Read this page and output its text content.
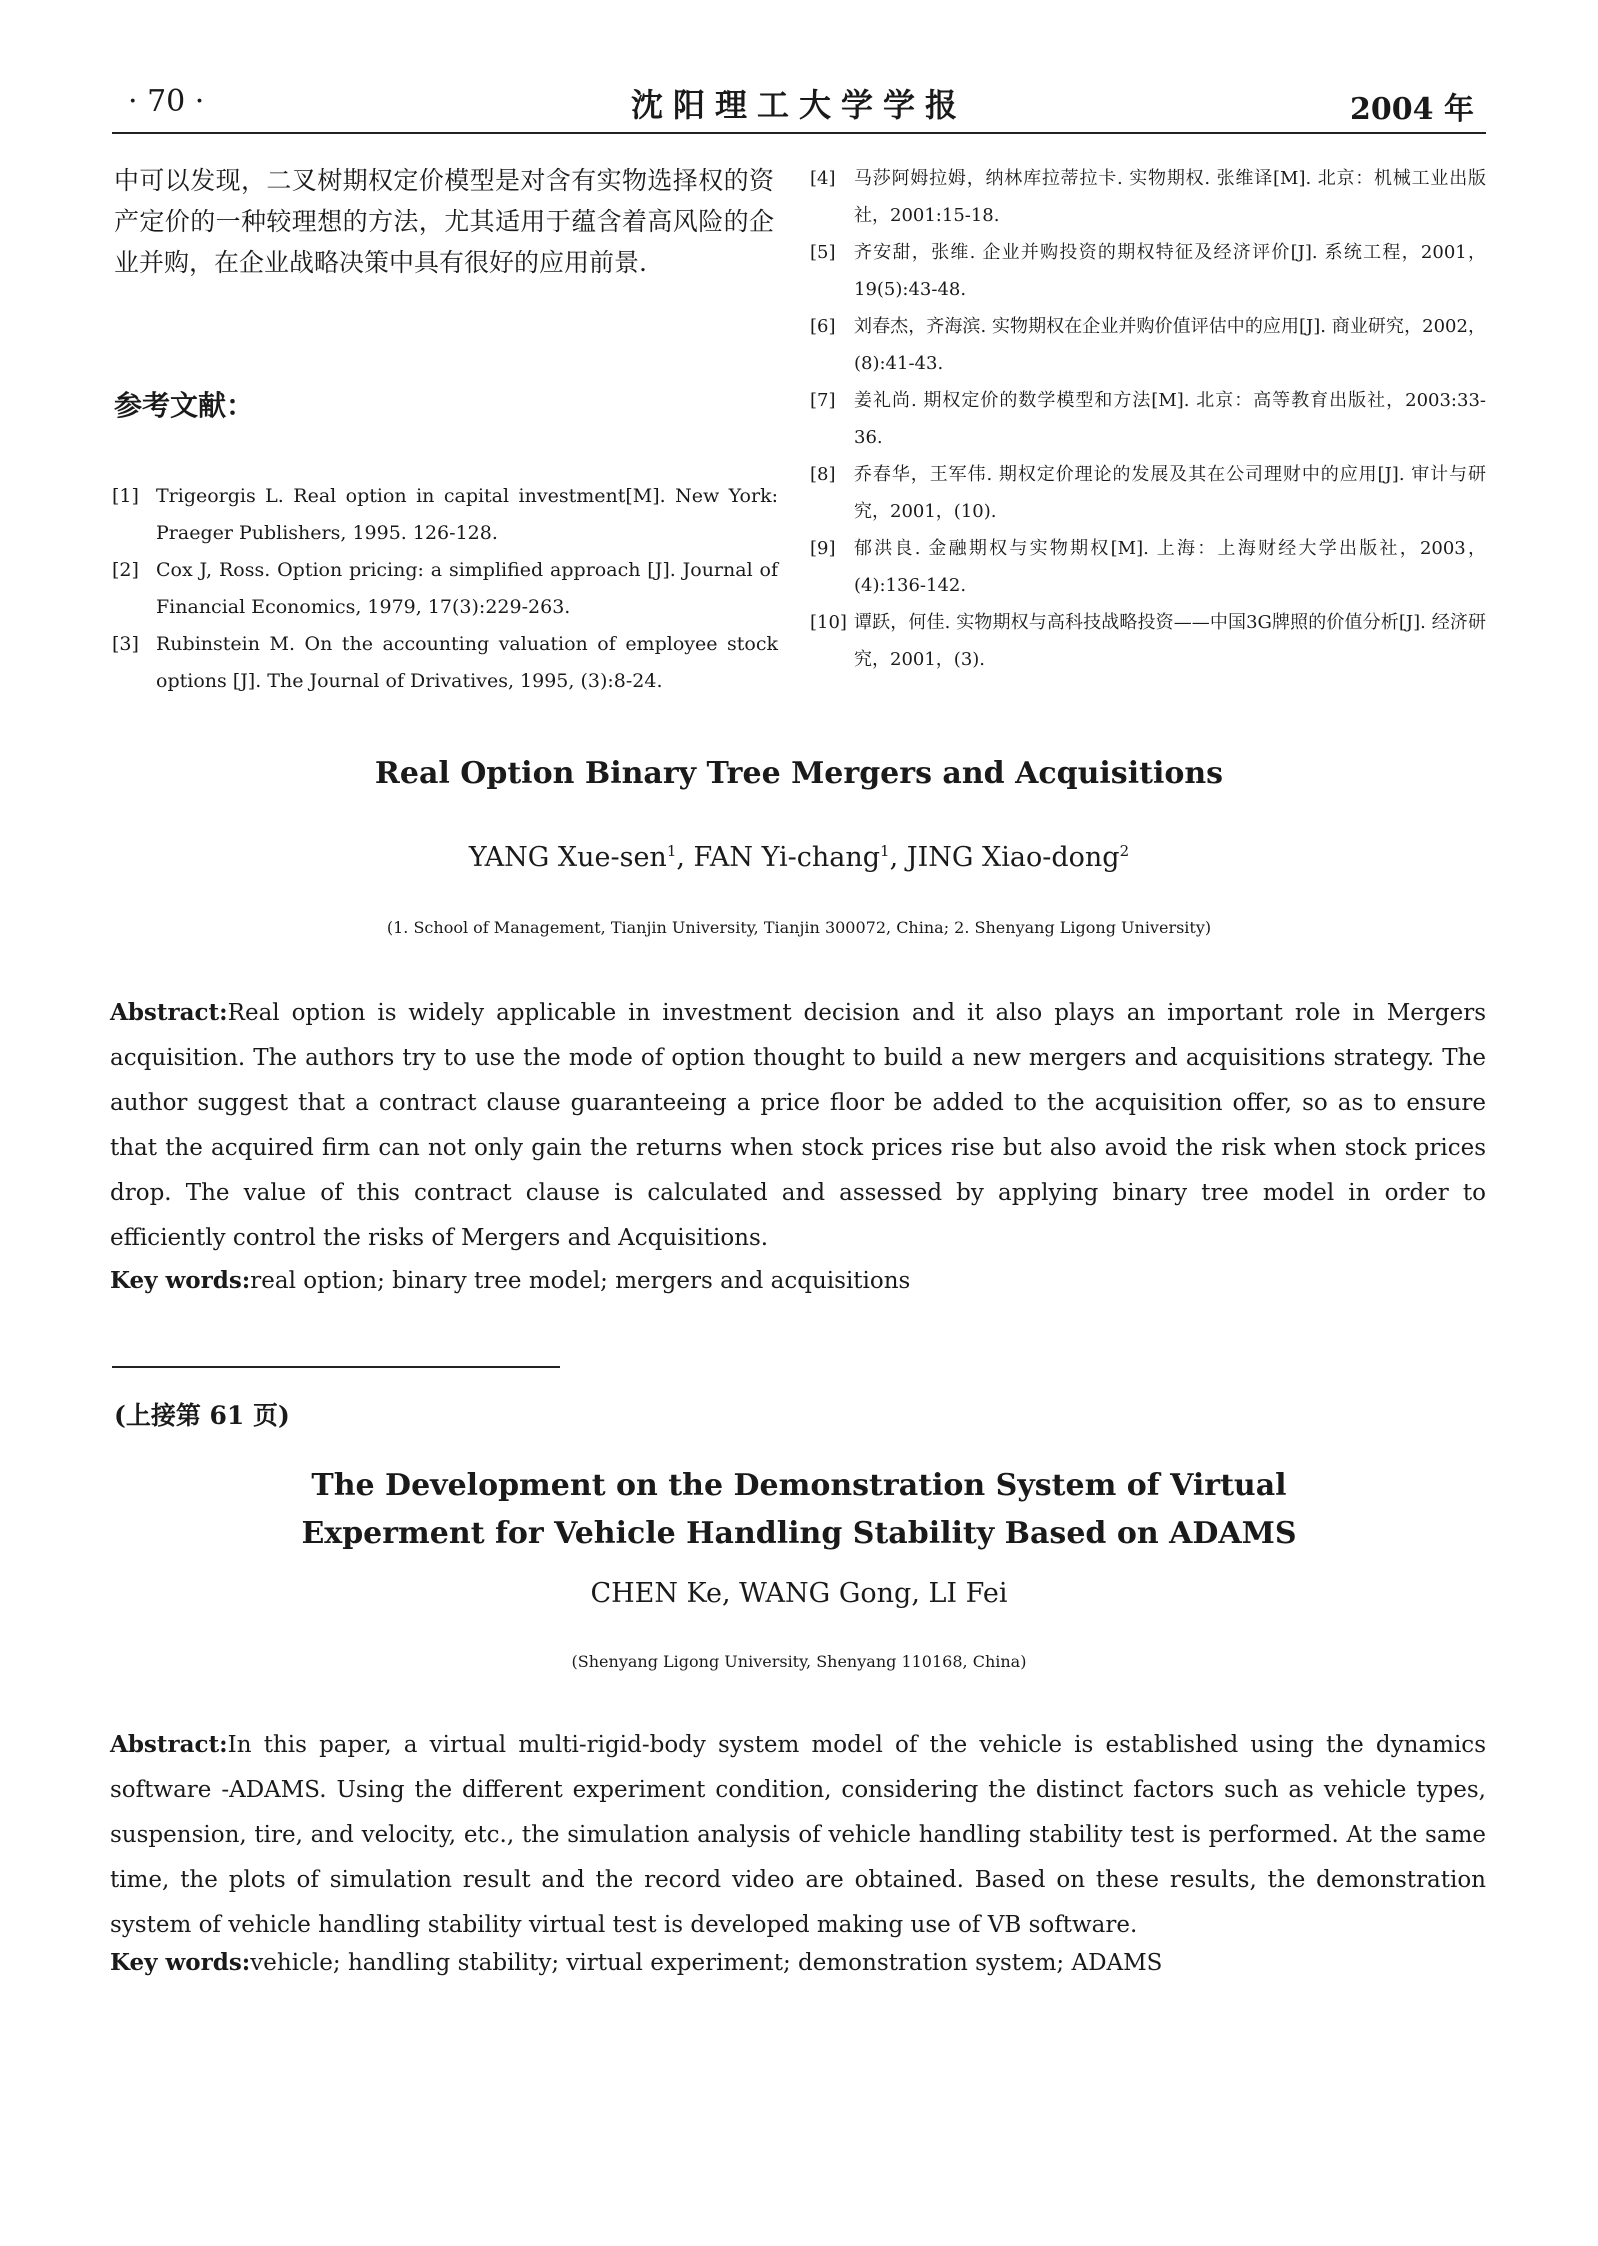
· 70 ·	沈阳理工大学学报	2004 年
中可以发现，二叉树期权定价模型是对含有实物选择权的资产定价的一种较理想的方法，尤其适用于蕴含着高风险的企业并购，在企业战略决策中具有很好的应用前景.
参考文献：
[1] Trigeorgis L. Real option in capital investment[M]. New York: Praeger Publishers, 1995. 126-128.
[2] Cox J, Ross. Option pricing: a simplified approach [J]. Journal of Financial Economics, 1979, 17(3):229-263.
[3] Rubinstein M. On the accounting valuation of employee stock options [J]. The Journal of Drivatives, 1995, (3):8-24.
[4]	马莎阿姆拉姆，纳林库拉蒂拉卡. 实物期权. 张维译[M]. 北京：机械工业出版社，2001:15-18.
[5]	齐安甜，张维. 企业并购投资的期权特征及经济评价[J]. 系统工程，2001，19(5):43-48.
[6]	刘春杰，齐海滨. 实物期权在企业并购价值评估中的应用[J]. 商业研究，2002，(8):41-43.
[7]	姜礼尚. 期权定价的数学模型和方法[M]. 北京：高等教育出版社，2003:33-36.
[8]	乔春华，王军伟. 期权定价理论的发展及其在公司理财中的应用[J]. 审计与研究，2001，(10).
[9]	郁洪良. 金融期权与实物期权[M]. 上海：上海财经大学出版社，2003，(4):136-142.
[10] 谭跃，何佳. 实物期权与高科技战略投资——中国3G牌照的价值分析[J]. 经济研究，2001，(3).
Real Option Binary Tree Mergers and Acquisitions
YANG Xue-sen$^1$, FAN Yi-chang$^1$, JING Xiao-dong$^2$
(1. School of Management, Tianjin University, Tianjin 300072, China; 2. Shenyang Ligong University)
Abstract:Real option is widely applicable in investment decision and it also plays an important role in Mergers acquisition. The authors try to use the mode of option thought to build a new mergers and acquisitions strategy. The author suggest that a contract clause guaranteeing a price floor be added to the acquisition offer, so as to ensure that the acquired firm can not only gain the returns when stock prices rise but also avoid the risk when stock prices drop. The value of this contract clause is calculated and assessed by applying binary tree model in order to efficiently control the risks of Mergers and Acquisitions.
Key words:real option; binary tree model; mergers and acquisitions
(上接第 61 页)
The Development on the Demonstration System of Virtual
Experment for Vehicle Handling Stability Based on ADAMS
CHEN Ke, WANG Gong, LI Fei
(Shenyang Ligong University, Shenyang 110168, China)
Abstract:In this paper, a virtual multi-rigid-body system model of the vehicle is established using the dynamics software -ADAMS. Using the different experiment condition, considering the distinct factors such as vehicle types, suspension, tire, and velocity, etc., the simulation analysis of vehicle handling stability test is performed. At the same time, the plots of simulation result and the record video are obtained. Based on these results, the demonstration system of vehicle handling stability virtual test is developed making use of VB software.
Key words:vehicle; handling stability; virtual experiment; demonstration system; ADAMS
